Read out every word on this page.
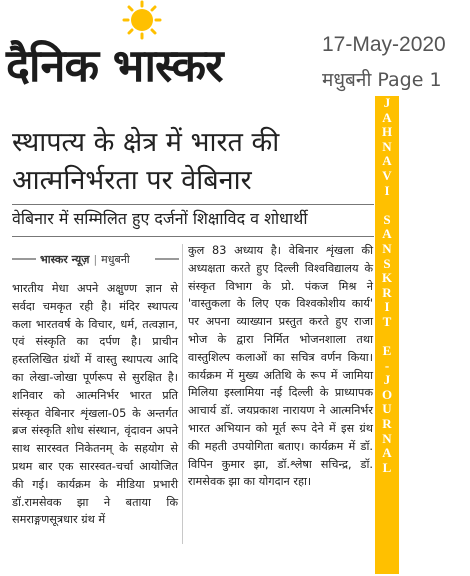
दैनिक भास्कर	17-May-2020
मधुबनी Page 1
J
A
H
N
A
V
I
S
A
N
S
K
R
I
T
E
-
J
O
U
R
N
A
L
स्थापत्य के क्षेत्र में भारत की
आत्मनिर्भरता पर वेबिनार
वेबिनार में सम्मिलित हुए दर्जनों शिक्षाविद व शोधार्थी
भास्कर न्यूज़ | मधुबनी

भारतीय मेधा अपने अक्षुण्ण ज्ञान से सर्वदा चमकृत रही है। मंदिर स्थापत्य कला भारतवर्ष के विचार, धर्म, तत्वज्ञान, एवं संस्कृति का दर्पण है। प्राचीन हस्तलिखित ग्रंथों में वास्तु स्थापत्य आदि का लेखा-जोखा पूर्णरूप से सुरक्षित है। शनिवार को आत्मनिर्भर भारत प्रति संस्कृत वेबिनार शृंखला-05 के अन्तर्गत ब्रज संस्कृति शोध संस्थान, वृंदावन अपने साथ सारस्वत निकेतनम् के सहयोग से प्रथम बार एक सारस्वत-चर्चा आयोजित की गई। कार्यक्रम के मीडिया प्रभारी डॉ.रामसेवक झा ने बताया कि समराङ्गणसूत्रधार ग्रंथ में

कुल 83 अध्याय है। वेबिनार शृंखला की अध्यक्षता करते हुए दिल्ली विश्वविद्यालय के संस्कृत विभाग के प्रो. पंकज मिश्र ने 'वास्तुकला के लिए एक विश्वकोशीय कार्य' पर अपना व्याख्यान प्रस्तुत करते हुए राजा भोज के द्वारा निर्मित भोजनशाला तथा वास्तुशिल्प कलाओं का सचित्र वर्णन किया। कार्यक्रम में मुख्य अतिथि के रूप में जामिया मिलिया इस्लामिया नई दिल्ली के प्राध्यापक आचार्य डॉ. जयप्रकाश नारायण ने आत्मनिर्भर भारत अभियान को मूर्त रूप देने में इस ग्रंथ की महती उपयोगिता बताए। कार्यक्रम में डॉ. विपिन कुमार झा, डॉ.श्लेषा सचिन्द्र, डॉ. रामसेवक झा का योगदान रहा।
